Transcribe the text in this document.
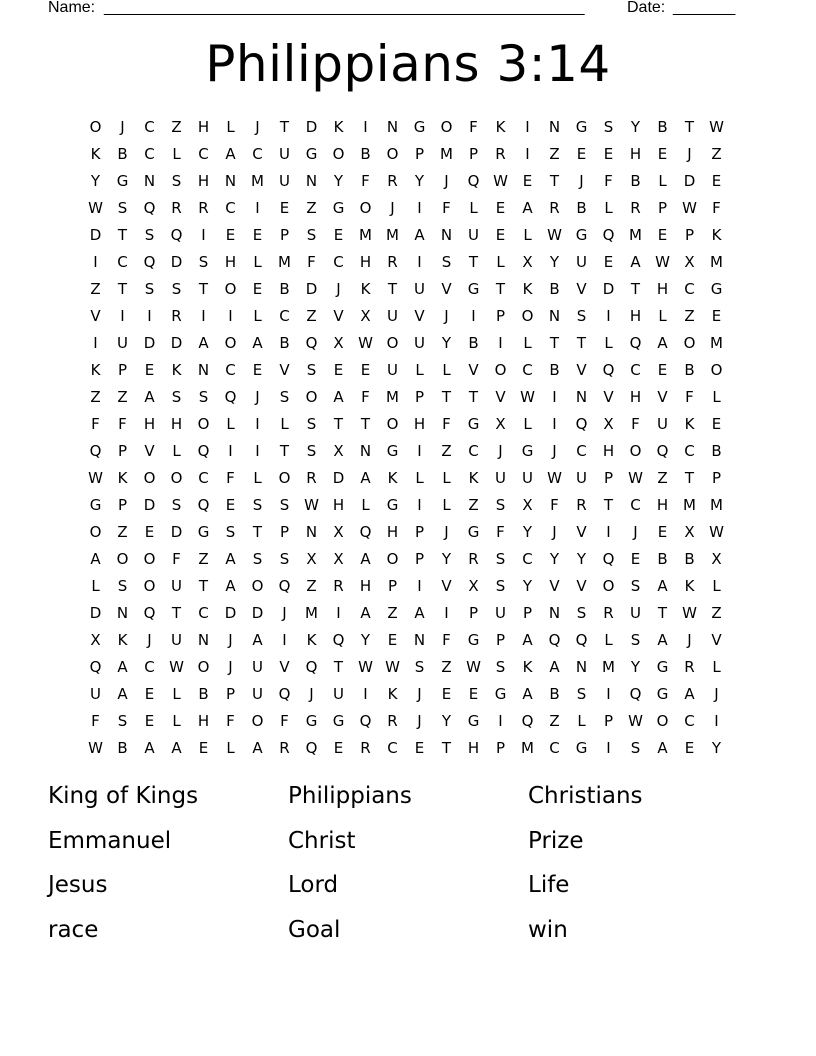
Name: ______________________________________________________	Date: _______
Philippians 3:14
O	J	C	Z	H	L	J	T	D	K	I	N	G	O	F	K	I	N	G	S	Y	B	T	W
K	B	C	L	C	A	C	U	G	O	B	O	P	M	P	R	I	Z	E	E	H	E	J	Z
Y	G	N	S	H	N M	U	N	Y	F	R	Y	J	Q W E	T	J	F	B	L	D	E
W S	Q	R	R	C	I	E	Z	G	O	J	I	F	L	E	A	R	B	L	R	P	W	F
D	T	S	Q	I	E	E	P	S	E	M M	A	N	U	E	L	W G	Q M	E	P	K
I	C	Q	D	S	H	L	M	F	C	H	R	I	S	T	L	X	Y	U	E	A W X	M
Z	T	S	S	T	O	E	B	D	J	K	T	U	V	G	T	K	B	V	D	T	H	C	G
V	I	I	R	I	I	L	C	Z	V	X	U	V	J	I	P	O	N	S	I	H	L	Z	E
I	U	D	D	A	O	A	B	Q	X W O	U	Y	B	I	L	T	T	L	Q	A	O M
K	P	E	K	N	C	E	V	S	E	E	U	L	L	V	O	C	B	V	Q	C	E	B	O
Z	Z	A	S	S	Q	J	S	O	A	F	M	P	T	T	V W	I	N	V	H	V	F	L
F	F	H	H	O	L	I	L	S	T	T	O	H	F	G	X	L	I	Q	X	F	U	K	E
Q	P	V	L	Q	I	I	T	S	X	N	G	I	Z	C	J	G	J	C	H	O	Q	C	B
W K	O	O	C	F	L	O	R	D	A	K	L	L	K	U	U W U	P	W Z	T	P
G	P	D	S	Q	E	S	S W H	L	G	I	L	Z	S	X	F	R	T	C	H M M
O	Z	E	D	G	S	T	P	N	X	Q	H	P	J	G	F	Y	J	V	I	J	E	X W
A	O	O	F	Z	A	S	S	X	X	A	O	P	Y	R	S	C	Y	Y	Q	E	B	B	X
L	S	O	U	T	A	O	Q	Z	R	H	P	I	V	X	S	Y	V	V	O	S	A	K	L
D	N	Q	T	C	D	D	J	M	I	A	Z	A	I	P	U	P	N	S	R	U	T	W Z
X	K	J	U	N	J	A	I	K	Q	Y	E	N	F	G	P	A	Q	Q	L	S	A	J	V
Q	A	C W O	J	U	V	Q	T	W W S	Z W S	K	A	N M	Y	G	R	L
U	A	E	L	B	P	U	Q	J	U	I	K	J	E	E	G	A	B	S	I	Q	G	A	J
F	S	E	L	H	F	O	F	G	G	Q	R	J	Y	G	I	Q	Z	L	P	W O	C	I
W B	A	A	E	L	A	R	Q	E	R	C	E	T	H	P	M	C	G	I	S	A	E	Y
King of Kings	Philippians	Christians
Emmanuel	Christ	Prize
Jesus	Lord	Life
race	Goal	win
